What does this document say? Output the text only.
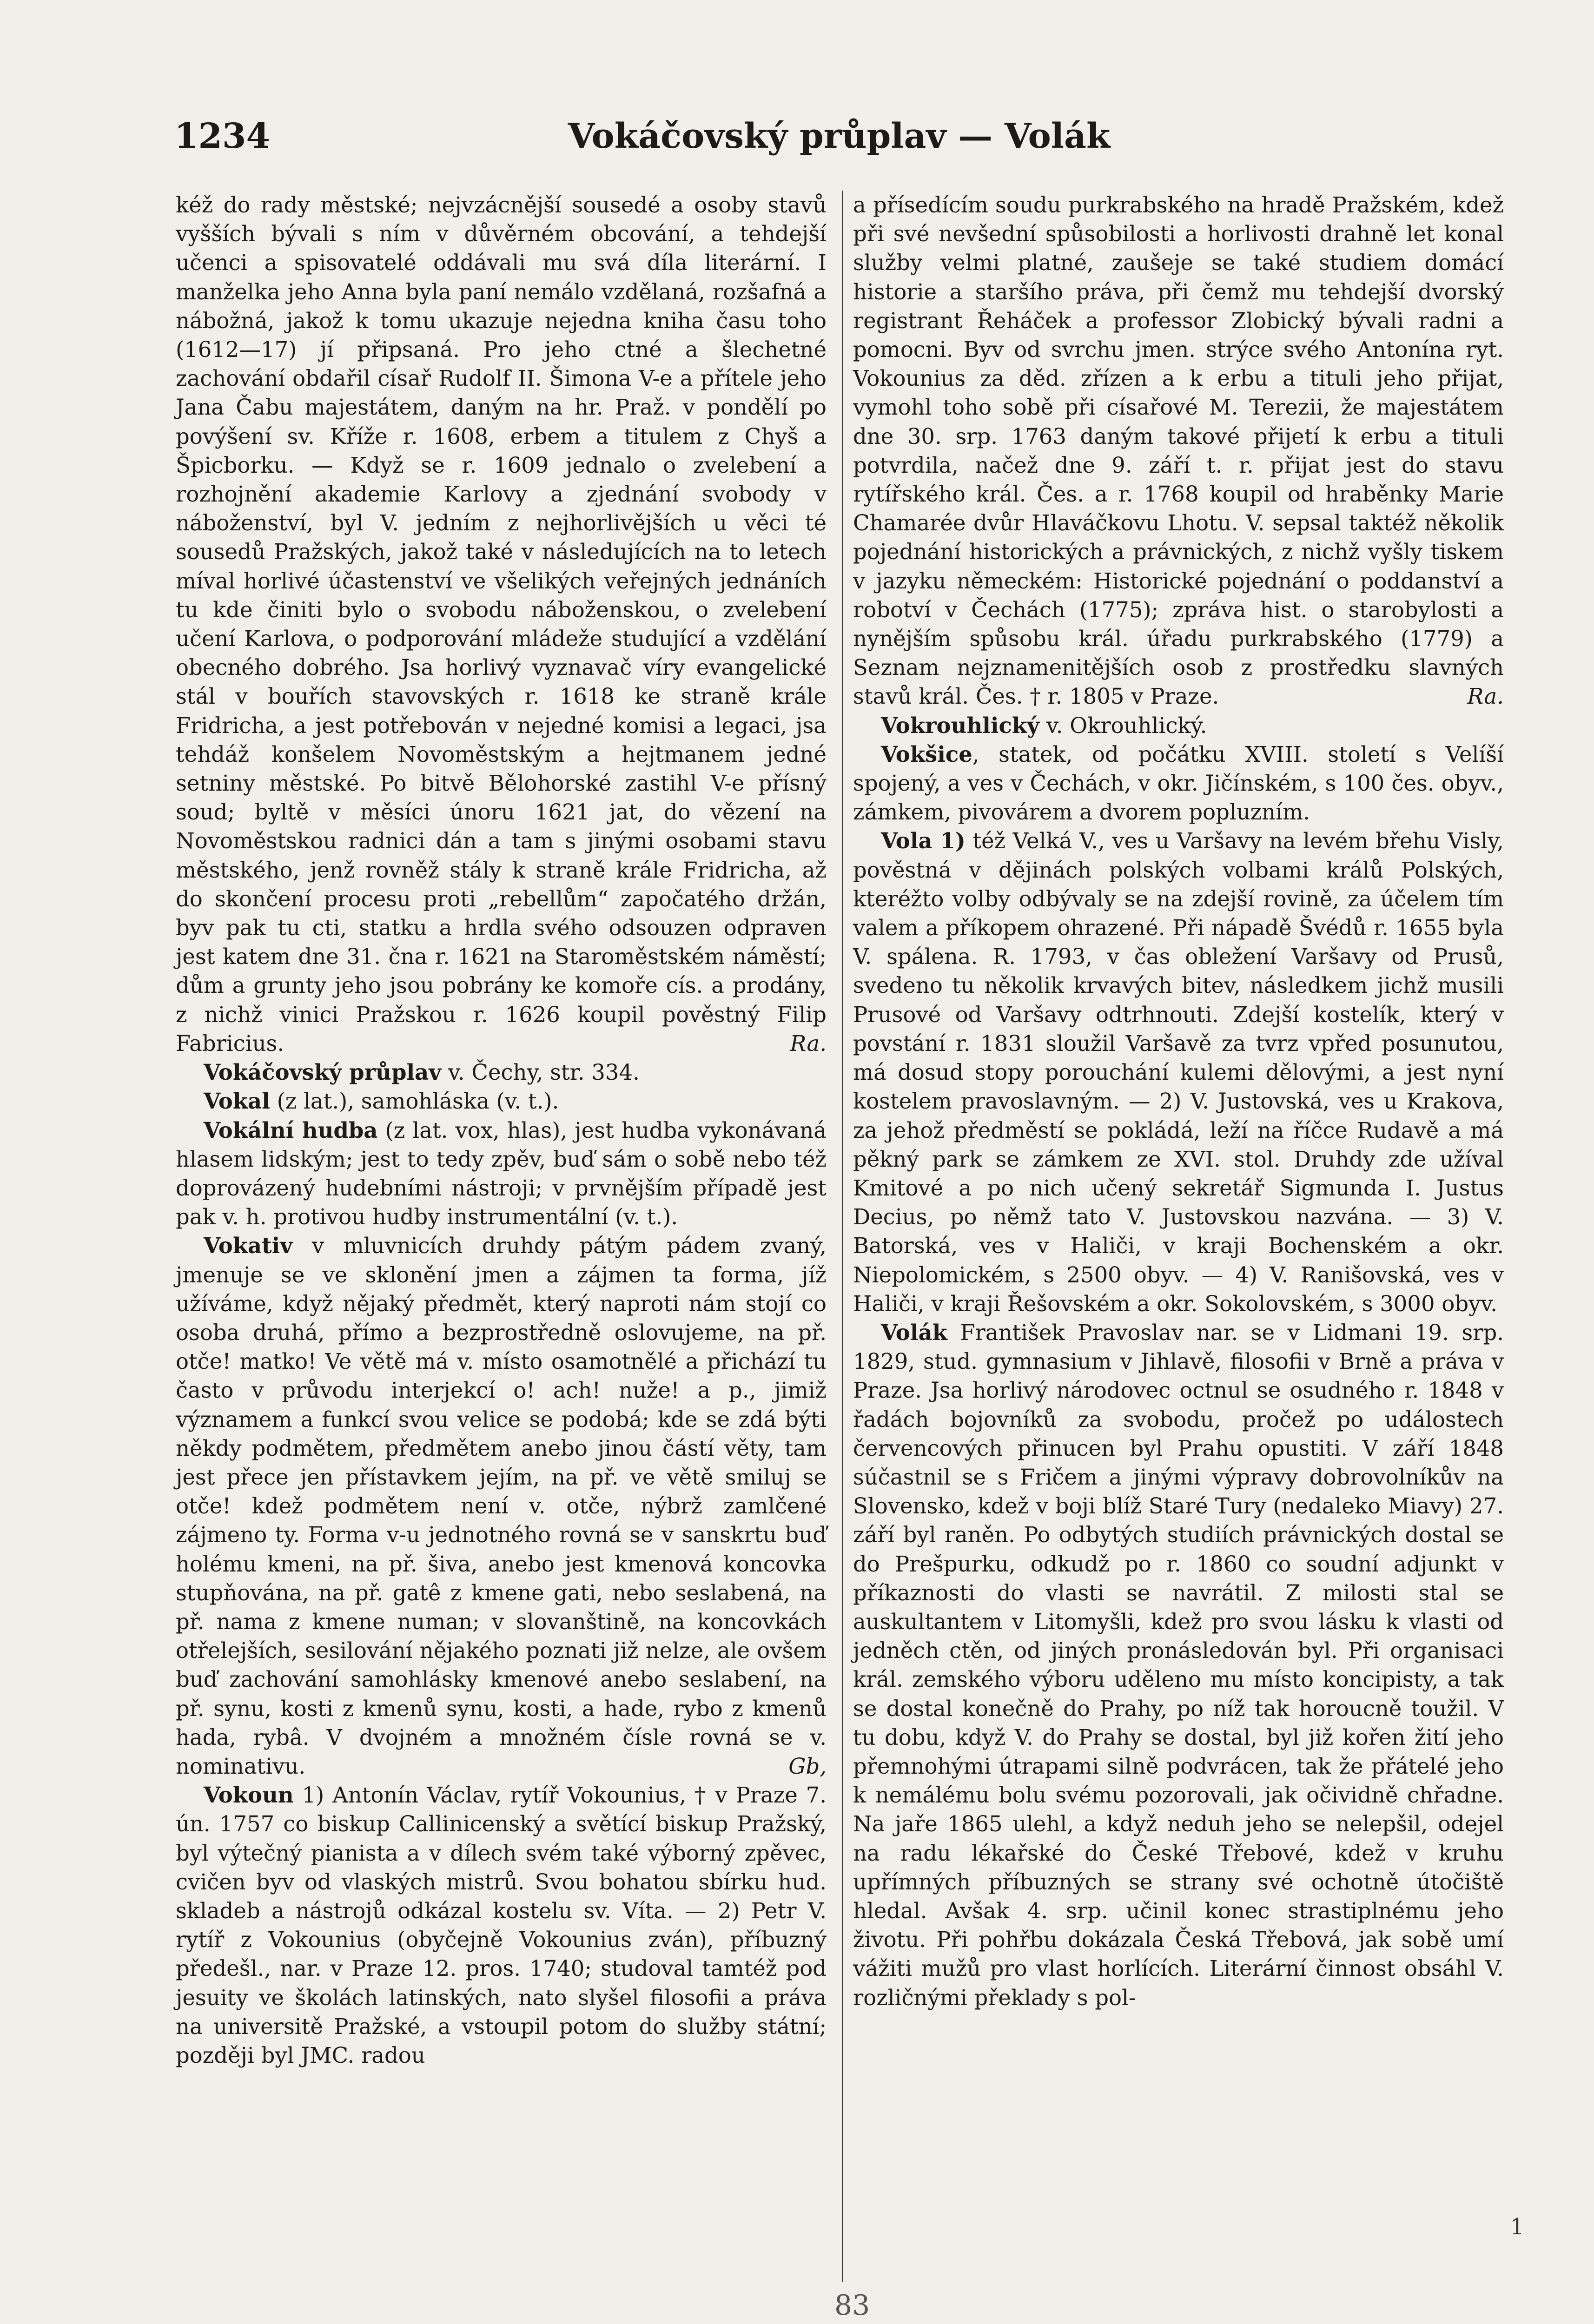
1234	Vokáčovský průplav — Volák

kéž do rady městské; nejvzácnější sousedé a osoby stavů vyšších bývali s ním v důvěrném obcování, a tehdejší učenci a spisovatelé oddávali mu svá díla literární. I manželka jeho Anna byla paní nemálo vzdělaná, rozšafná a nábožná, jakož k tomu ukazuje nejedna kniha času toho (1612—17) jí připsaná. Pro jeho ctné a šlechetné zachování obdařil císař Rudolf II. Šimona V-e a přítele jeho Jana Čabu majestátem, daným na hr. Praž. v pondělí po povýšení sv. Kříže r. 1608, erbem a titulem z Chyš a Špicborku. — Když se r. 1609 jednalo o zvelebení a rozhojnění akademie Karlovy a zjednání svobody v náboženství, byl V. jedním z nejhorlivějších u věci té sousedů Pražských, jakož také v následujících na to letech míval horlivé účastenství ve všelikých veřejných jednáních tu kde činiti bylo o svobodu náboženskou, o zvelebení učení Karlova, o podporování mládeže studující a vzdělání obecného dobrého. Jsa horlivý vyznavač víry evangelické stál v bouřích stavovských r. 1618 ke straně krále Fridricha, a jest potřebován v nejedné komisi a legaci, jsa tehdáž konšelem Novoměstským a hejtmanem jedné setniny městské. Po bitvě Bělohorské zastihl V-e přísný soud; byltě v měsíci únoru 1621 jat, do vězení na Novoměstskou radnici dán a tam s jinými osobami stavu městského, jenž rovněž stály k straně krále Fridricha, až do skončení procesu proti „rebellům“ započatého držán, byv pak tu cti, statku a hrdla svého odsouzen odpraven jest katem dne 31. čna r. 1621 na Staroměstském náměstí; dům a grunty jeho jsou pobrány ke komoře cís. a prodány, z nichž vinici Pražskou r. 1626 koupil pověstný Filip Fabricius.	Ra.

Vokáčovský průplav v. Čechy, str. 334.

Vokal (z lat.), samohláska (v. t.).

Vokální hudba (z lat. vox, hlas), jest hudba vykonávaná hlasem lidským; jest to tedy zpěv, buď sám o sobě nebo též doprovázený hudebními nástroji; v prvnějším případě jest pak v. h. protivou hudby instrumentální (v. t.).

Vokativ v mluvnicích druhdy pátým pádem zvaný, jmenuje se ve sklonění jmen a zájmen ta forma, jíž užíváme, když nějaký předmět, který naproti nám stojí co osoba druhá, přímo a bezprostředně oslovujeme, na př. otče! matko! Ve větě má v. místo osamotnělé a přichází tu často v průvodu interjekcí o! ach! nuže! a p., jimiž významem a funkcí svou velice se podobá; kde se zdá býti někdy podmětem, předmětem anebo jinou částí věty, tam jest přece jen přístavkem jejím, na př. ve větě smiluj se otče! kdež podmětem není v. otče, nýbrž zamlčené zájmeno ty. Forma v-u jednotného rovná se v sanskrtu buď holému kmeni, na př. šiva, anebo jest kmenová koncovka stupňována, na př. gatê z kmene gati, nebo seslabená, na př. nama z kmene numan; v slovanštině, na koncovkách otřelejších, sesilování nějakého poznati již nelze, ale ovšem buď zachování samohlásky kmenové anebo seslabení, na př. synu, kosti z kmenů synu, kosti, a hade, rybo z kmenů hada, rybâ. V dvojném a množném čísle rovná se v. nominativu.	Gb,

Vokoun 1) Antonín Václav, rytíř Vokounius, † v Praze 7. ún. 1757 co biskup Callinicenský a světící biskup Pražský, byl výtečný pianista a v dílech svém také výborný zpěvec, cvičen byv od vlaských mistrů. Svou bohatou sbírku hud. skladeb a nástrojů odkázal kostelu sv. Víta. — 2) Petr V. rytíř z Vokounius (obyčejně Vokounius zván), příbuzný předešl., nar. v Praze 12. pros. 1740; studoval tamtéž pod jesuity ve školách latinských, nato slyšel filosofii a práva na universitě Pražské, a vstoupil potom do služby státní; později byl JMC. radou

a přísedícím soudu purkrabského na hradě Pražském, kdež při své nevšední spůsobilosti a horlivosti drahně let konal služby velmi platné, zaušeje se také studiem domácí historie a staršího práva, při čemž mu tehdejší dvorský registrant Řeháček a professor Zlobický bývali radni a pomocni. Byv od svrchu jmen. strýce svého Antonína ryt. Vokounius za děd. zřízen a k erbu a tituli jeho přijat, vymohl toho sobě při císařové M. Terezii, že majestátem dne 30. srp. 1763 daným takové přijetí k erbu a tituli potvrdila, načež dne 9. září t. r. přijat jest do stavu rytířského král. Čes. a r. 1768 koupil od hraběnky Marie Chamarée dvůr Hlaváčkovu Lhotu. V. sepsal taktéž několik pojednání historických a právnických, z nichž vyšly tiskem v jazyku německém: Historické pojednání o poddanství a robotví v Čechách (1775); zpráva hist. o starobylosti a nynějším spůsobu král. úřadu purkrabského (1779) a Seznam nejznamenitějších osob z prostředku slavných stavů král. Čes. † r. 1805 v Praze.	Ra.

Vokrouhlický v. Okrouhlický.

Vokšice, statek, od počátku XVIII. století s Velíší spojený, a ves v Čechách, v okr. Jičínském, s 100 čes. obyv., zámkem, pivovárem a dvorem popluzním.

Vola 1) též Velká V., ves u Varšavy na levém břehu Visly, pověstná v dějinách polských volbami králů Polských, kteréžto volby odbývaly se na zdejší rovině, za účelem tím valem a příkopem ohrazené. Při nápadě Švédů r. 1655 byla V. spálena. R. 1793, v čas obležení Varšavy od Prusů, svedeno tu několik krvavých bitev, následkem jichž musili Prusové od Varšavy odtrhnouti. Zdejší kostelík, který v povstání r. 1831 sloužil Varšavě za tvrz vpřed posunutou, má dosud stopy porouchání kulemi dělovými, a jest nyní kostelem pravoslavným. — 2) V. Justovská, ves u Krakova, za jehož předměstí se pokládá, leží na říčce Rudavě a má pěkný park se zámkem ze XVI. stol. Druhdy zde užíval Kmitové a po nich učený sekretář Sigmunda I. Justus Decius, po němž tato V. Justovskou nazvána. — 3) V. Batorská, ves v Haliči, v kraji Bochenském a okr. Niepolomickém, s 2500 obyv. — 4) V. Ranišovská, ves v Haliči, v kraji Řešovském a okr. Sokolovském, s 3000 obyv.

Volák František Pravoslav nar. se v Lidmani 19. srp. 1829, stud. gymnasium v Jihlavě, filosofii v Brně a práva v Praze. Jsa horlivý národovec octnul se osudného r. 1848 v řadách bojovníků za svobodu, pročež po událostech červencových přinucen byl Prahu opustiti. V září 1848 súčastnil se s Fričem a jinými výpravy dobrovolníkův na Slovensko, kdež v boji blíž Staré Tury (nedaleko Miavy) 27. září byl raněn. Po odbytých studiích právnických dostal se do Prešpurku, odkudž po r. 1860 co soudní adjunkt v příkaznosti do vlasti se navrátil. Z milosti stal se auskultantem v Litomyšli, kdež pro svou lásku k vlasti od jedněch ctěn, od jiných pronásledován byl. Při organisaci král. zemského výboru uděleno mu místo koncipisty, a tak se dostal konečně do Prahy, po níž tak horoucně toužil. V tu dobu, když V. do Prahy se dostal, byl již kořen žití jeho přemnohými útrapami silně podvrácen, tak že přátelé jeho k nemálému bolu svému pozorovali, jak očividně chřadne. Na jaře 1865 ulehl, a když neduh jeho se nelepšil, odejel na radu lékařské do České Třebové, kdež v kruhu upřímných příbuzných se strany své ochotně útočiště hledal. Avšak 4. srp. učinil konec strastiplnému jeho životu. Při pohřbu dokázala Česká Třebová, jak sobě umí vážiti mužů pro vlast horlících. Literární činnost obsáhl V. rozličnými překlady s pol-

83
1
